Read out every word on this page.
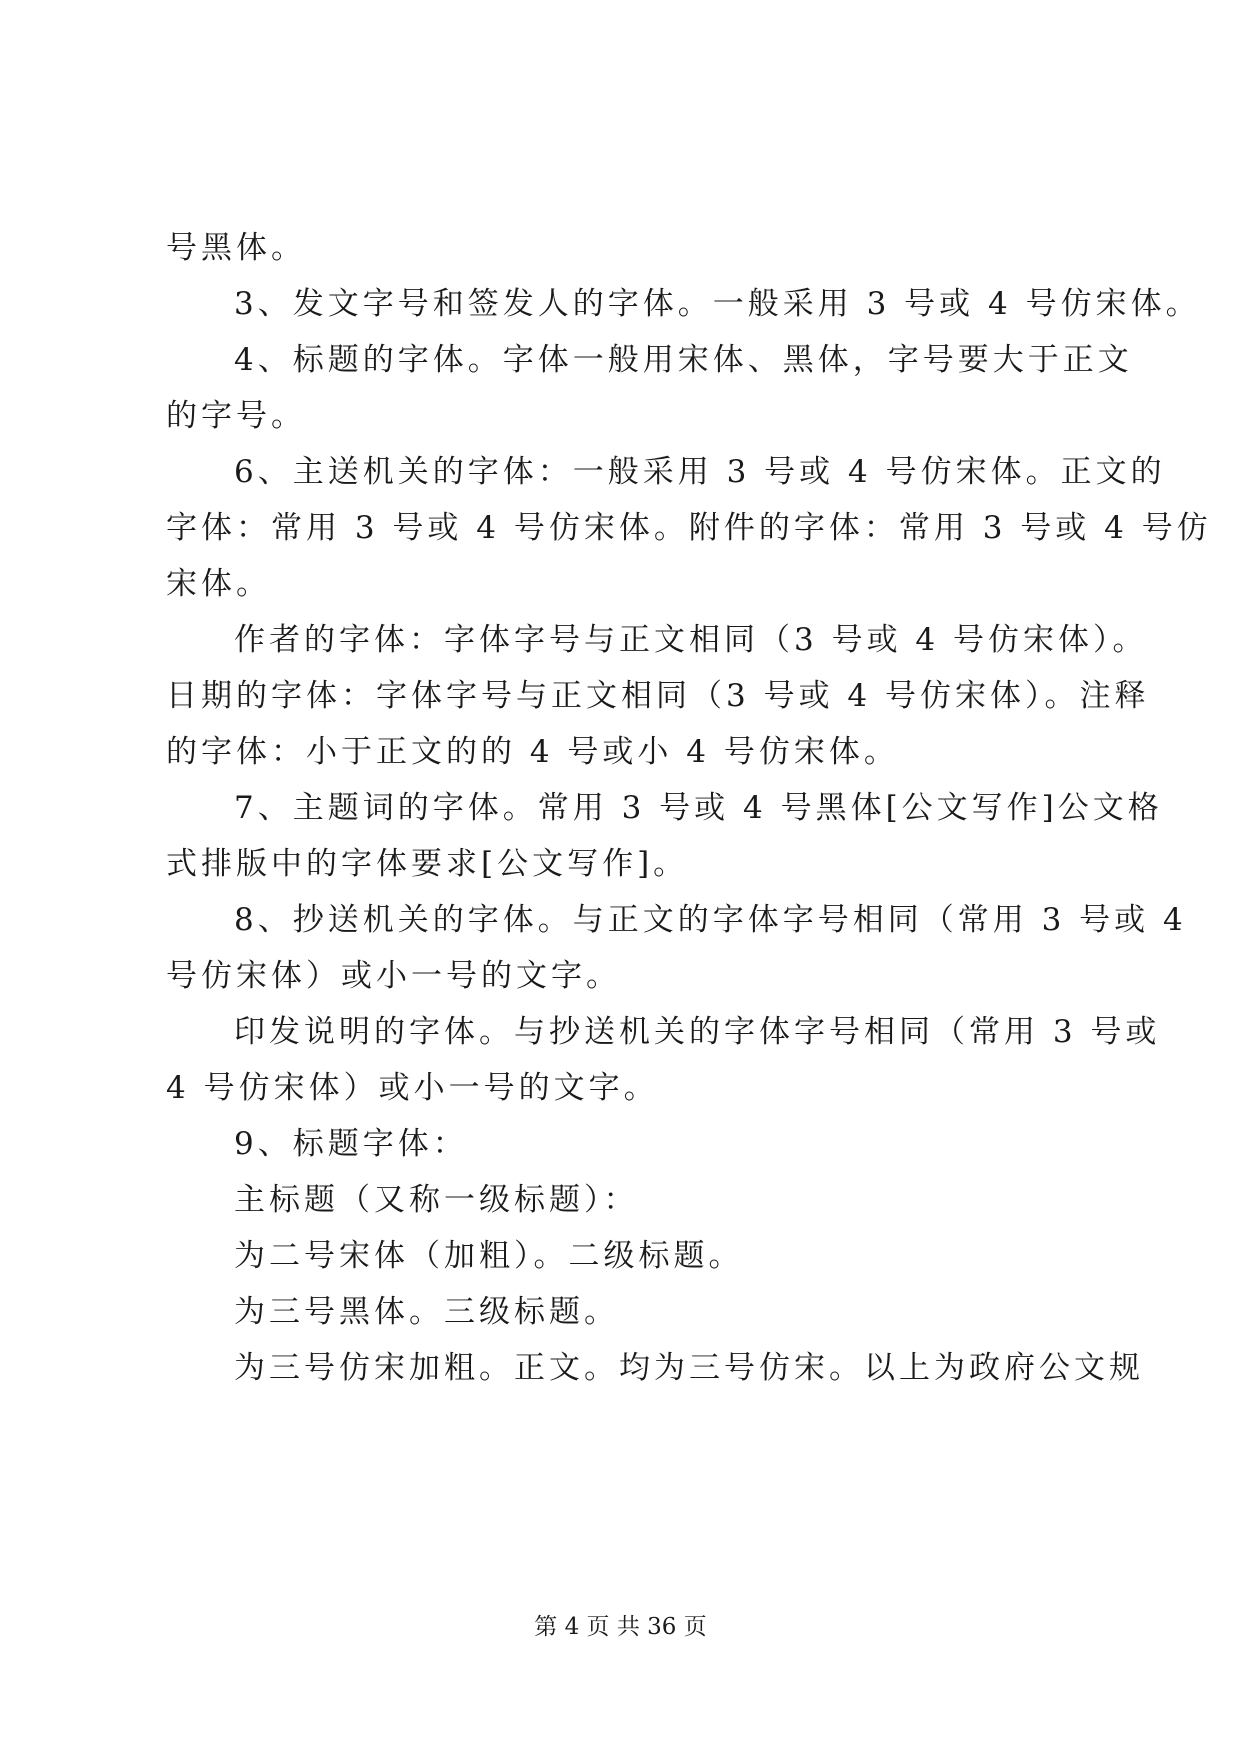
号黑体。
3、发文字号和签发人的字体。一般采用 3 号或 4 号仿宋体。
4、标题的字体。字体一般用宋体、黑体，字号要大于正文
的字号。
6、主送机关的字体：一般采用 3 号或 4 号仿宋体。正文的
字体：常用 3 号或 4 号仿宋体。附件的字体：常用 3 号或 4 号仿
宋体。
作者的字体：字体字号与正文相同（3 号或 4 号仿宋体）。
日期的字体：字体字号与正文相同（3 号或 4 号仿宋体）。注释
的字体：小于正文的的 4 号或小 4 号仿宋体。
7、主题词的字体。常用 3 号或 4 号黑体[公文写作]公文格
式排版中的字体要求[公文写作]。
8、抄送机关的字体。与正文的字体字号相同（常用 3 号或 4
号仿宋体）或小一号的文字。
印发说明的字体。与抄送机关的字体字号相同（常用 3 号或
4 号仿宋体）或小一号的文字。
9、标题字体：
主标题（又称一级标题）：
为二号宋体（加粗）。二级标题。
为三号黑体。三级标题。
为三号仿宋加粗。正文。均为三号仿宋。以上为政府公文规
第 4 页 共 36 页
